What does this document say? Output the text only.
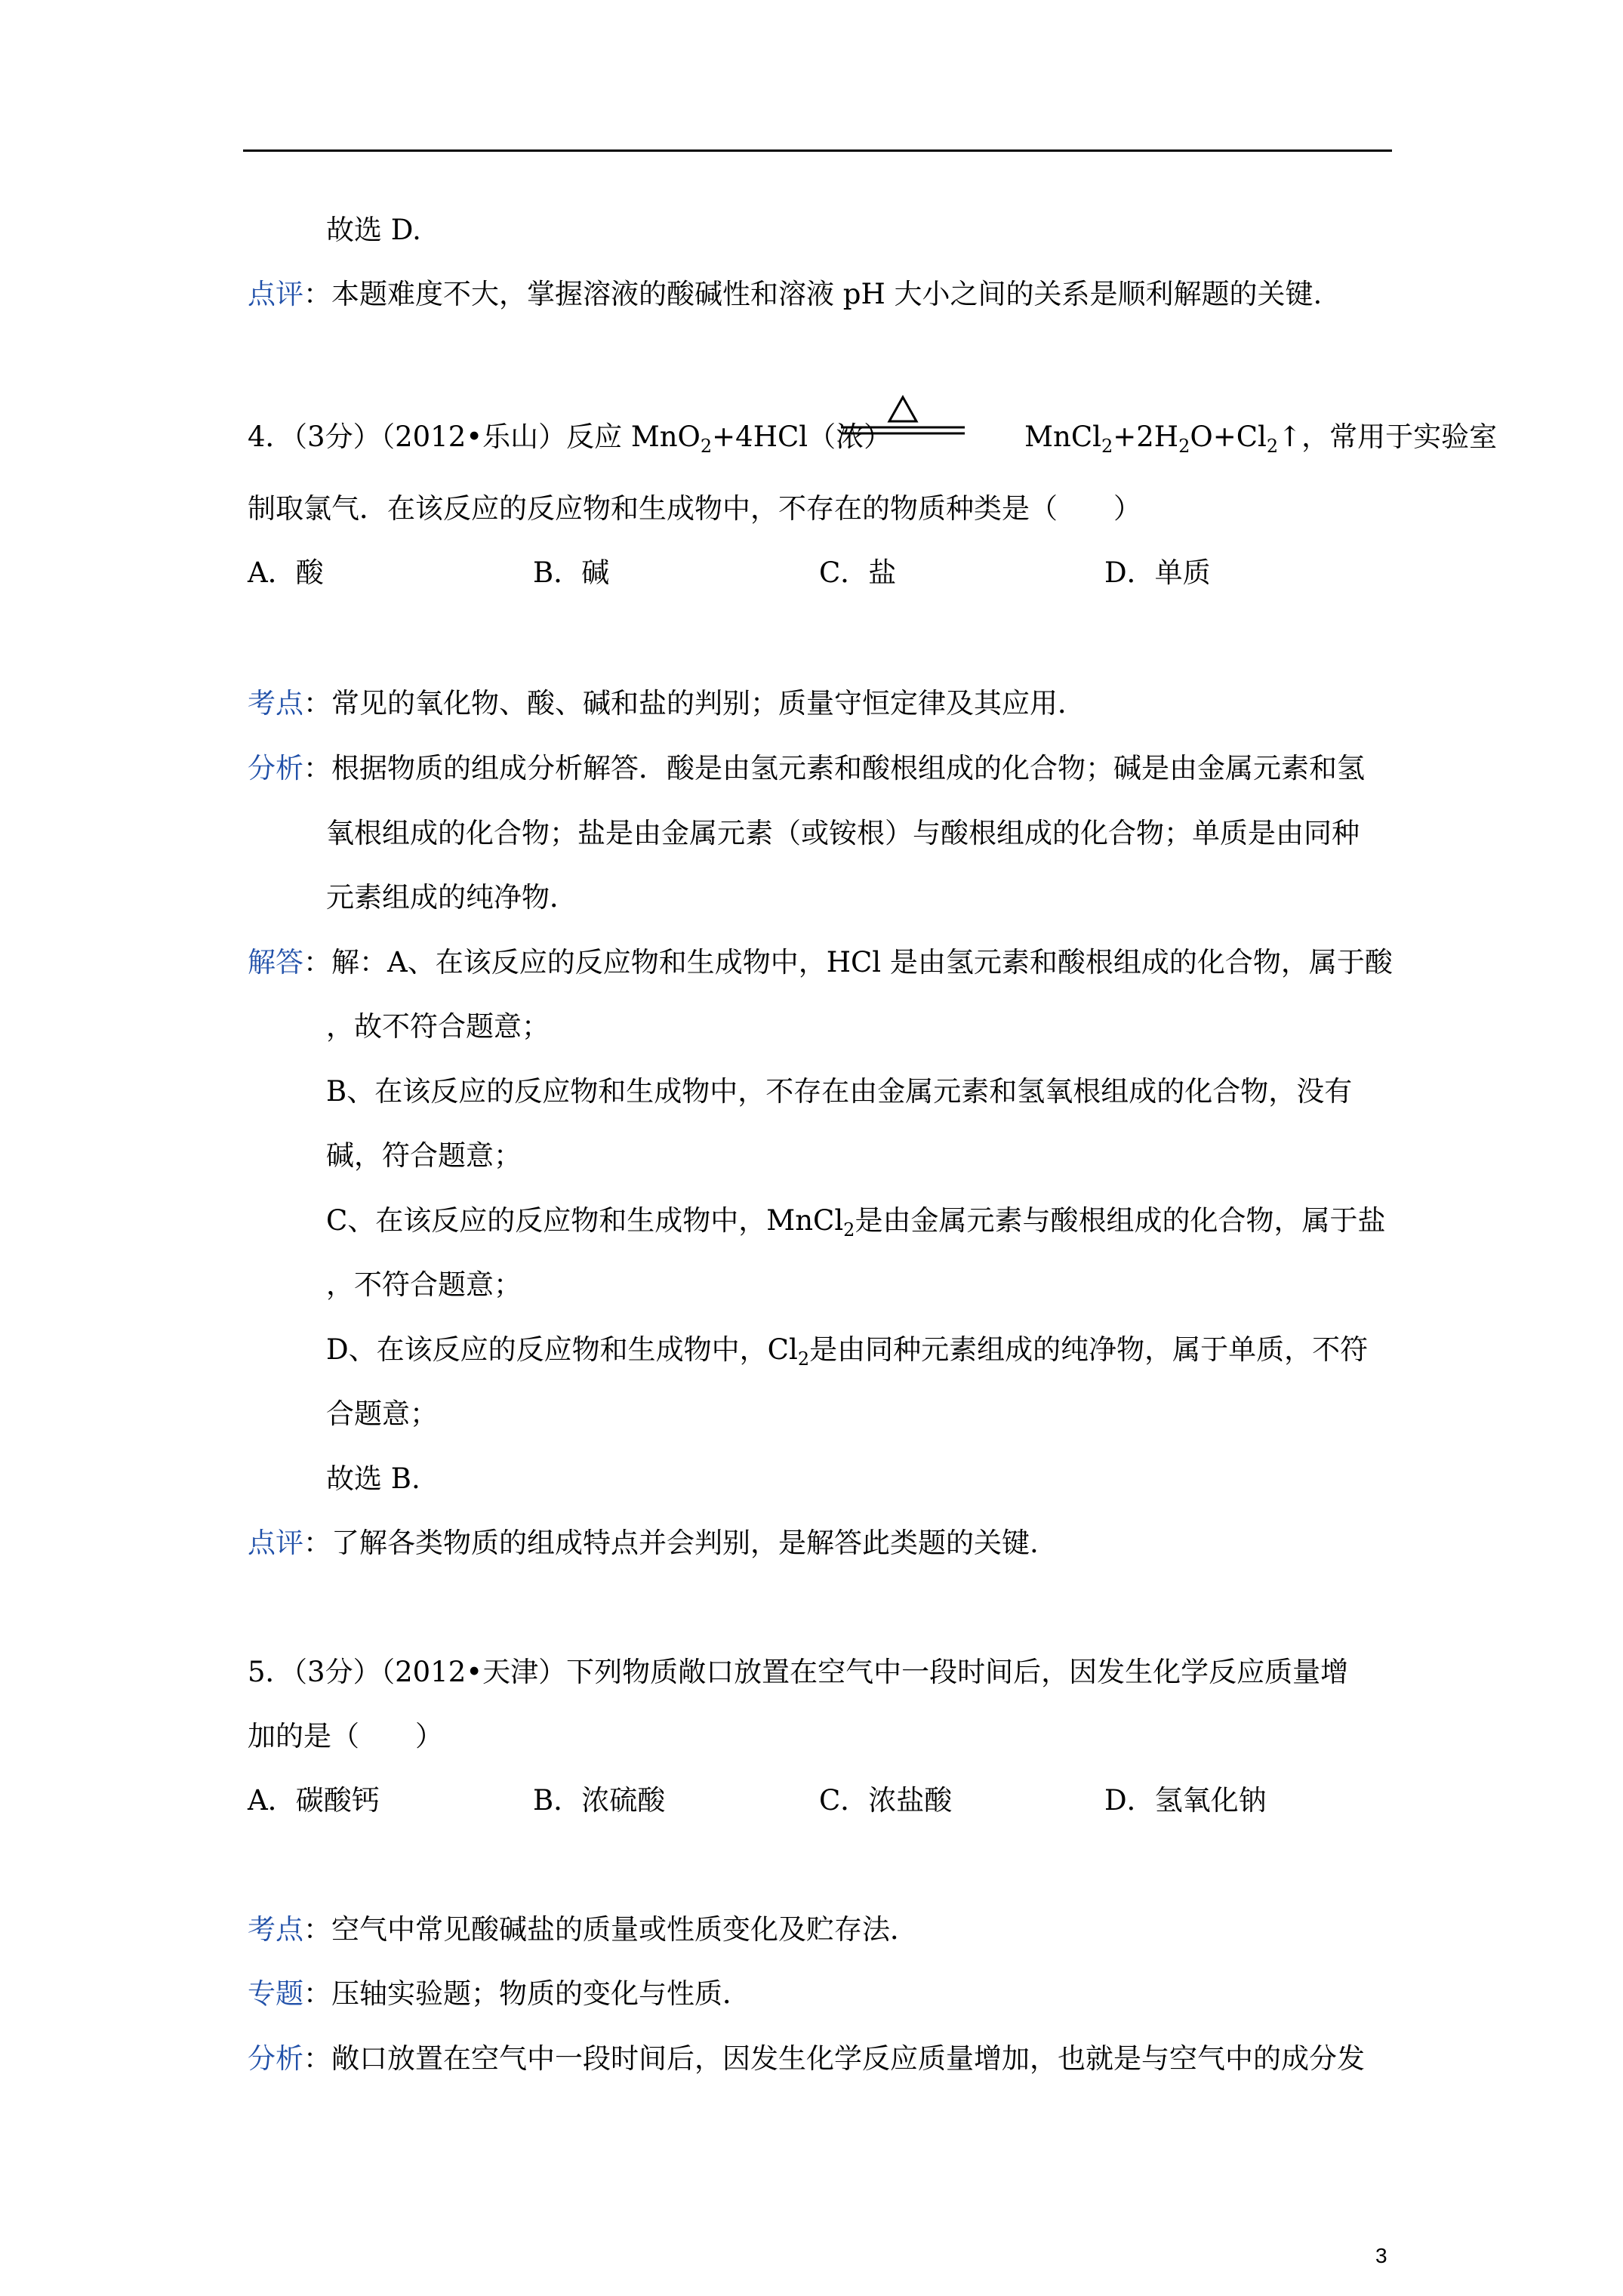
故选 D.
点评：本题难度不大，掌握溶液的酸碱性和溶液 pH 大小之间的关系是顺利解题的关键.
4．（3分）（2012•乐山）反应 MnO$_2$+4HCl（浓）	$MnCl_2+2H_2O+Cl_2↑$，常用于实验室
制取氯气．在该反应的反应物和生成物中，不存在的物质种类是（　　）
A．酸	B．碱	C．盐	D．单质
考点：常见的氧化物、酸、碱和盐的判别；质量守恒定律及其应用．
分析：根据物质的组成分析解答．酸是由氢元素和酸根组成的化合物；碱是由金属元素和氢
氧根组成的化合物；盐是由金属元素（或铵根）与酸根组成的化合物；单质是由同种
元素组成的纯净物．
解答：解：A、在该反应的反应物和生成物中，HCl 是由氢元素和酸根组成的化合物，属于酸
，故不符合题意；
B、在该反应的反应物和生成物中，不存在由金属元素和氢氧根组成的化合物，没有
碱，符合题意；
C、在该反应的反应物和生成物中，MnCl$_2$是由金属元素与酸根组成的化合物，属于盐
，不符合题意；
D、在该反应的反应物和生成物中，$Cl_2$是由同种元素组成的纯净物，属于单质，不符
合题意；
故选 B.
点评：了解各类物质的组成特点并会判别，是解答此类题的关键.
5．（3分）（2012•天津）下列物质敞口放置在空气中一段时间后，因发生化学反应质量增
加的是（　　）
A．碳酸钙	B．浓硫酸	C．浓盐酸	D．氢氧化钠
考点：空气中常见酸碱盐的质量或性质变化及贮存法．
专题：压轴实验题；物质的变化与性质．
分析：敞口放置在空气中一段时间后，因发生化学反应质量增加，也就是与空气中的成分发
3
